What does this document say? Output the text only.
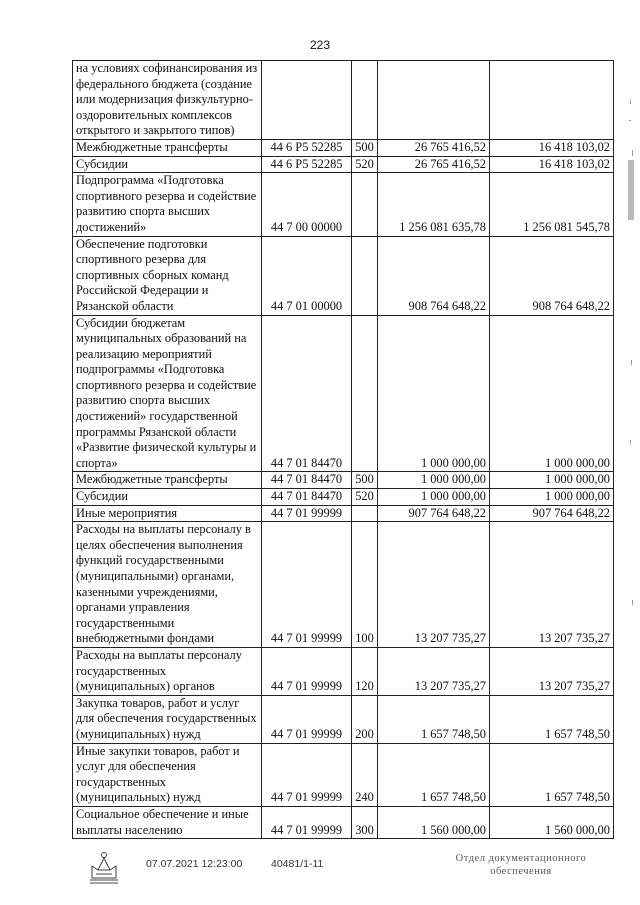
223
на условиях софинансирования из федерального бюджета (создание или модернизация физкультурно-оздоровительных комплексов открытого и закрытого типов)				
Межбюджетные трансферты	44 6 P5 52285	500	26 765 416,52	16 418 103,02
Субсидии	44 6 P5 52285	520	26 765 416,52	16 418 103,02
Подпрограмма «Подготовка спортивного резерва и содействие развитию спорта высших достижений»	44 7 00 00000		1 256 081 635,78	1 256 081 545,78
Обеспечение подготовки спортивного резерва для спортивных сборных команд Российской Федерации и Рязанской области	44 7 01 00000		908 764 648,22	908 764 648,22
Субсидии бюджетам муниципальных образований на реализацию мероприятий подпрограммы «Подготовка спортивного резерва и содействие развитию спорта высших достижений» государственной программы Рязанской области «Развитие физической культуры и спорта»	44 7 01 84470		1 000 000,00	1 000 000,00
Межбюджетные трансферты	44 7 01 84470	500	1 000 000,00	1 000 000,00
Субсидии	44 7 01 84470	520	1 000 000,00	1 000 000,00
Иные мероприятия	44 7 01 99999		907 764 648,22	907 764 648,22
Расходы на выплаты персоналу в целях обеспечения выполнения функций государственными (муниципальными) органами, казенными учреждениями, органами управления государственными внебюджетными фондами	44 7 01 99999	100	13 207 735,27	13 207 735,27
Расходы на выплаты персоналу государственных (муниципальных) органов	44 7 01 99999	120	13 207 735,27	13 207 735,27
Закупка товаров, работ и услуг для обеспечения государственных (муниципальных) нужд	44 7 01 99999	200	1 657 748,50	1 657 748,50
Иные закупки товаров, работ и услуг для обеспечения государственных (муниципальных) нужд	44 7 01 99999	240	1 657 748,50	1 657 748,50
Социальное обеспечение и иные выплаты населению	44 7 01 99999	300	1 560 000,00	1 560 000,00
07.07.2021 12:23:00	40481/1-11	Отдел документационного
обеспечения
